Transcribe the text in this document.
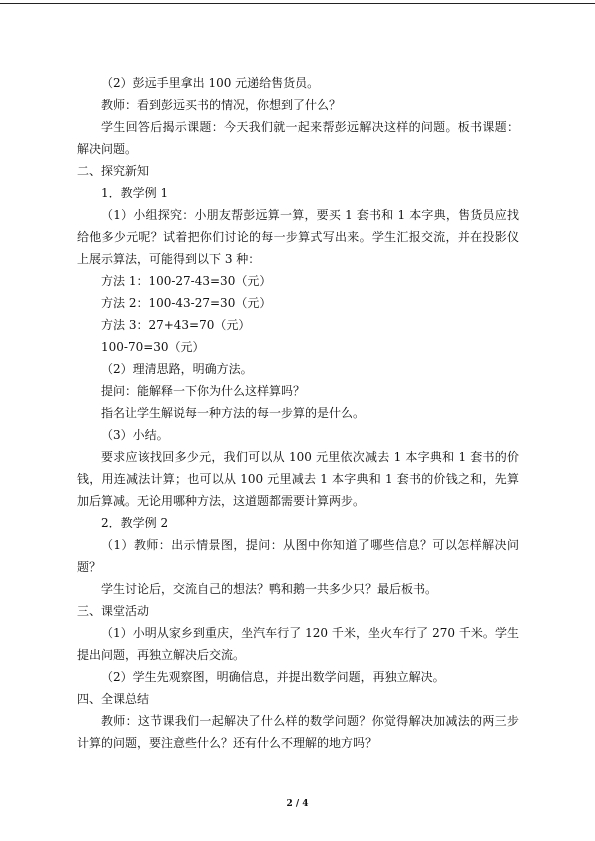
（2）彭远手里拿出 100 元递给售货员。

教师：看到彭远买书的情况，你想到了什么？

学生回答后揭示课题：今天我们就一起来帮彭远解决这样的问题。板书课题：解决问题。

二、探究新知

1．教学例 1

（1）小组探究：小朋友帮彭远算一算，要买 1 套书和 1 本字典，售货员应找给他多少元呢？试着把你们讨论的每一步算式写出来。学生汇报交流，并在投影仪上展示算法，可能得到以下 3 种：

方法 1：100-27-43=30（元）

方法 2：100-43-27=30（元）

方法 3：27+43=70（元）

100-70=30（元）

（2）理清思路，明确方法。

提问：能解释一下你为什么这样算吗？

指名让学生解说每一种方法的每一步算的是什么。

（3）小结。

要求应该找回多少元，我们可以从 100 元里依次减去 1 本字典和 1 套书的价钱，用连减法计算；也可以从 100 元里减去 1 本字典和 1 套书的价钱之和，先算加后算减。无论用哪种方法，这道题都需要计算两步。

2．教学例 2

（1）教师：出示情景图，提问：从图中你知道了哪些信息？可以怎样解决问题？

学生讨论后，交流自己的想法？鸭和鹅一共多少只？最后板书。

三、课堂活动

（1）小明从家乡到重庆，坐汽车行了 120 千米，坐火车行了 270 千米。学生提出问题，再独立解决后交流。

（2）学生先观察图，明确信息，并提出数学问题，再独立解决。

四、全课总结

教师：这节课我们一起解决了什么样的数学问题？你觉得解决加减法的两三步计算的问题，要注意些什么？还有什么不理解的地方吗？

2 / 4
